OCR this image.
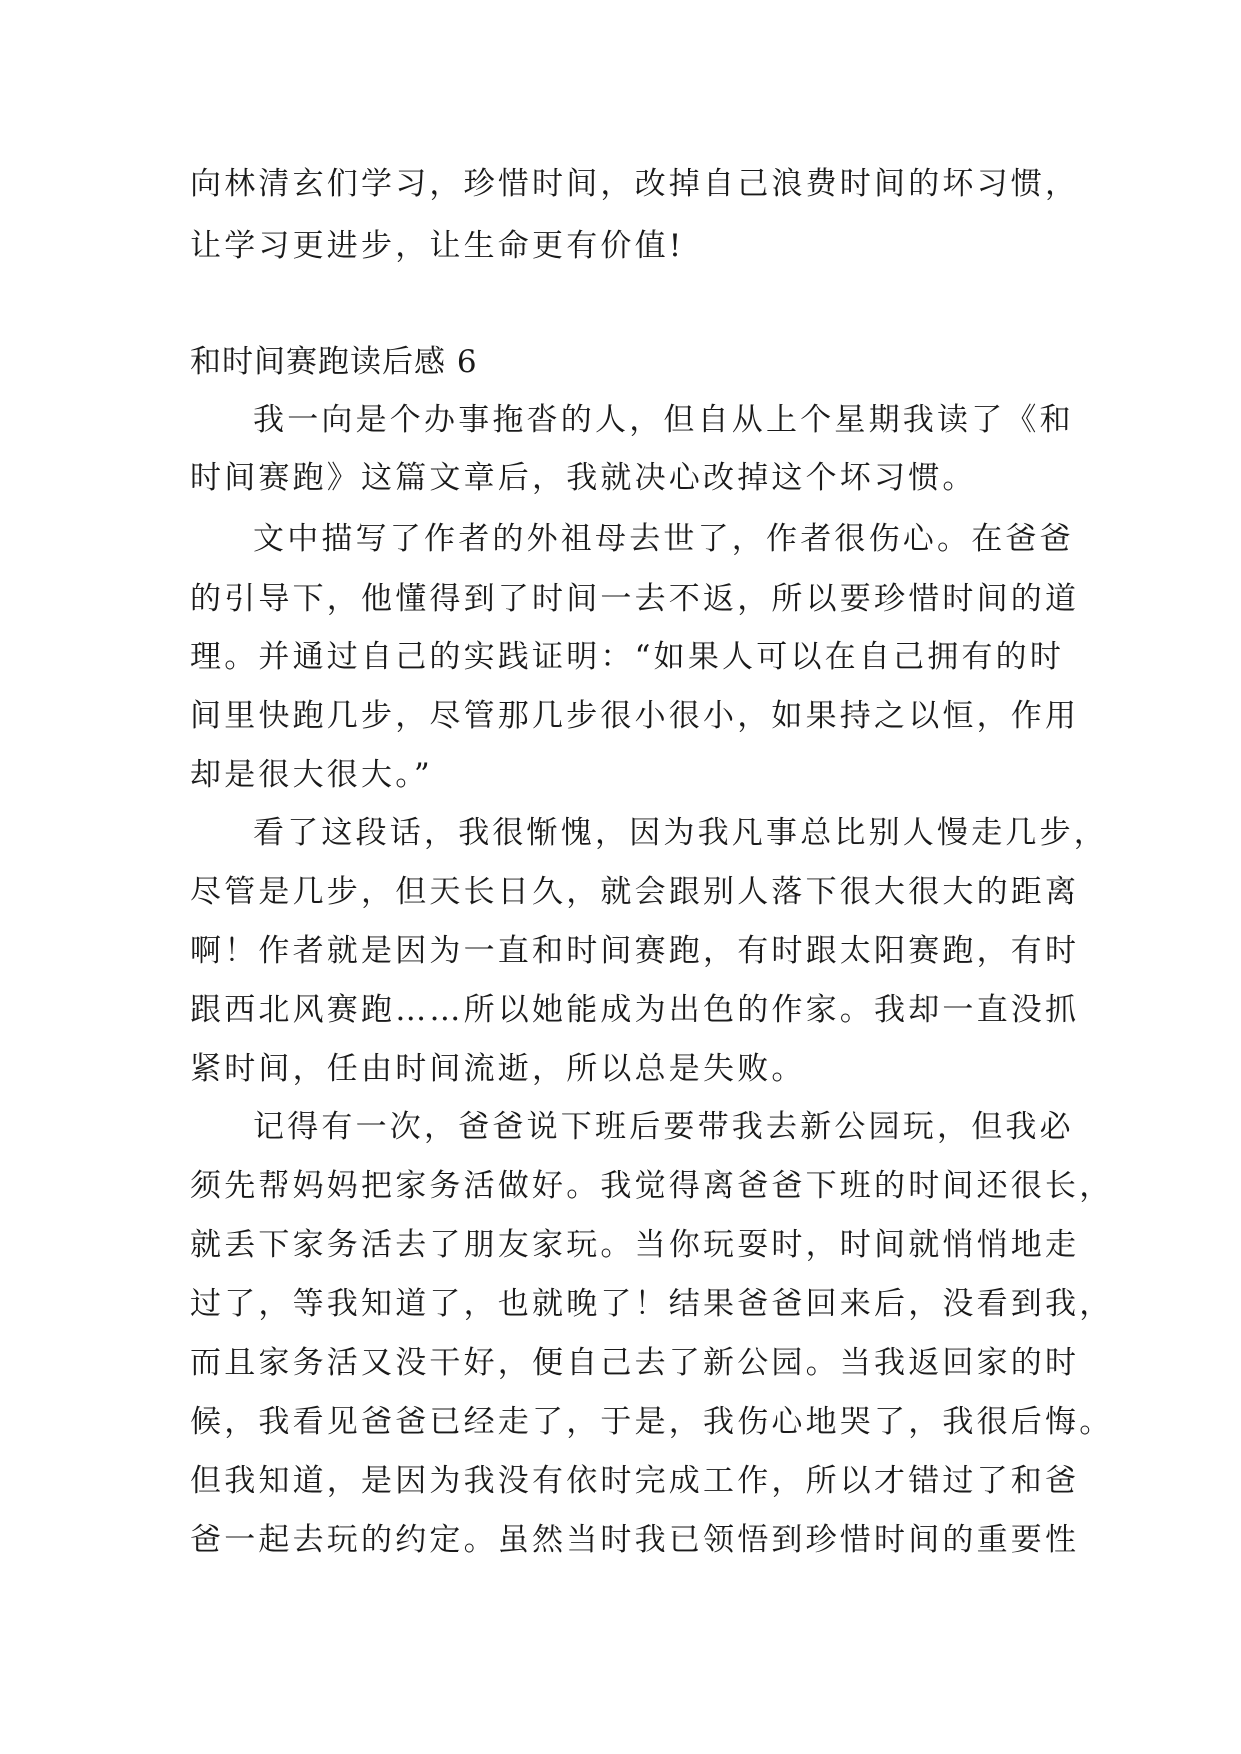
向林清玄们学习，珍惜时间，改掉自己浪费时间的坏习惯，
让学习更进步，让生命更有价值!
和时间赛跑读后感 6
我一向是个办事拖沓的人，但自从上个星期我读了《和
时间赛跑》这篇文章后，我就决心改掉这个坏习惯。
文中描写了作者的外祖母去世了，作者很伤心。在爸爸
的引导下，他懂得到了时间一去不返，所以要珍惜时间的道
理。并通过自己的实践证明：“如果人可以在自己拥有的时
间里快跑几步，尽管那几步很小很小，如果持之以恒，作用
却是很大很大。”
看了这段话，我很惭愧，因为我凡事总比别人慢走几步，
尽管是几步，但天长日久，就会跟别人落下很大很大的距离
啊！作者就是因为一直和时间赛跑，有时跟太阳赛跑，有时
跟西北风赛跑……所以她能成为出色的作家。我却一直没抓
紧时间，任由时间流逝，所以总是失败。
记得有一次，爸爸说下班后要带我去新公园玩，但我必
须先帮妈妈把家务活做好。我觉得离爸爸下班的时间还很长，
就丢下家务活去了朋友家玩。当你玩耍时，时间就悄悄地走
过了，等我知道了，也就晚了！结果爸爸回来后，没看到我，
而且家务活又没干好，便自己去了新公园。当我返回家的时
候，我看见爸爸已经走了，于是，我伤心地哭了，我很后悔。
但我知道，是因为我没有依时完成工作，所以才错过了和爸
爸一起去玩的约定。虽然当时我已领悟到珍惜时间的重要性
